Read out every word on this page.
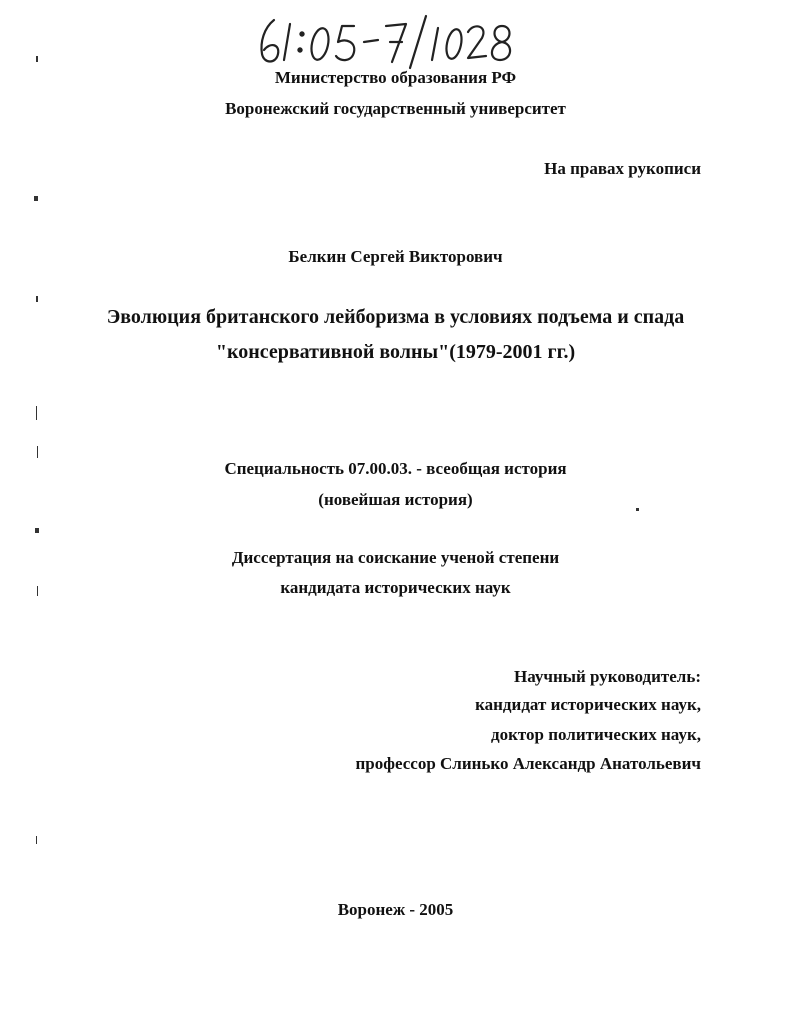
Министерство образования РФ
Воронежский государственный университет
На правах рукописи
Белкин Сергей Викторович
Эволюция британского лейборизма в условиях подъема и спада
"консервативной волны"(1979-2001 гг.)
Специальность 07.00.03. - всеобщая история
(новейшая история)
Диссертация на соискание ученой степени
кандидата исторических наук
Научный руководитель:
кандидат исторических наук,
доктор политических наук,
профессор Слинько Александр Анатольевич
Воронеж - 2005
